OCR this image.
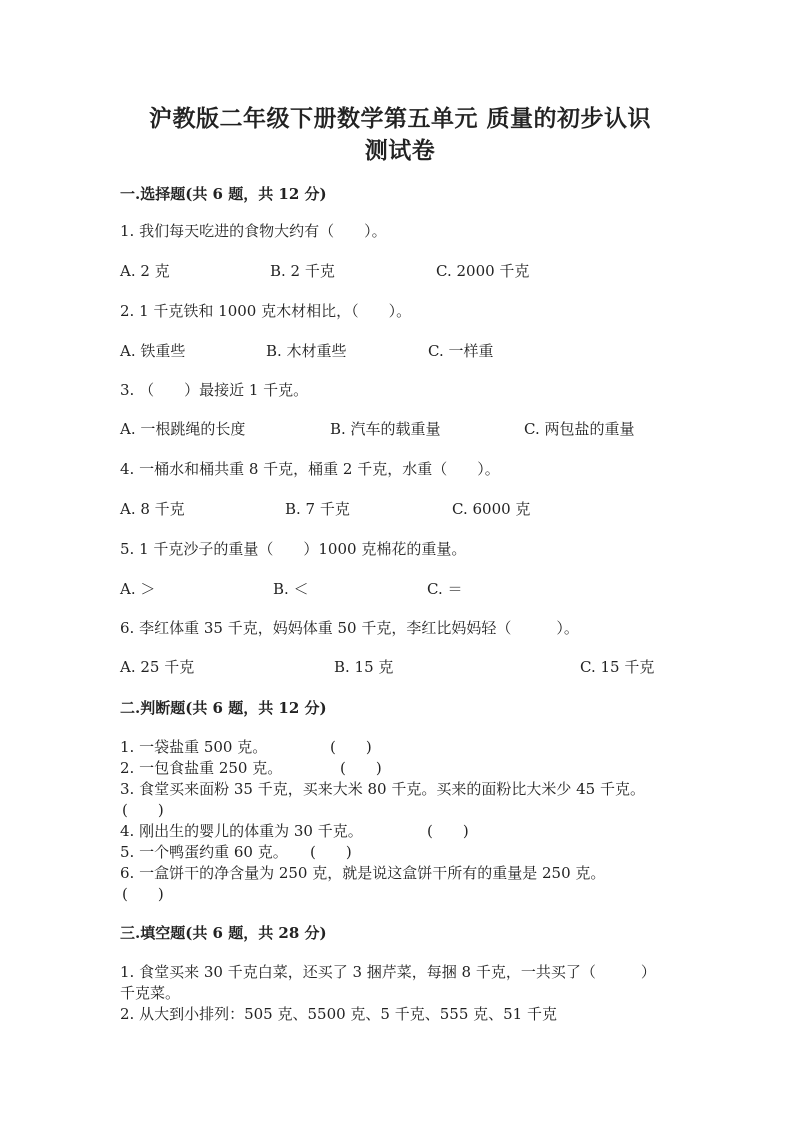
沪教版二年级下册数学第五单元 质量的初步认识
测试卷
一.选择题(共 6 题，共 12 分)
1. 我们每天吃进的食物大约有（　　）。
A. 2 克	B. 2 千克	C. 2000 千克
2. 1 千克铁和 1000 克木材相比，（　　）。
A. 铁重些	B. 木材重些	C. 一样重
3. （　　）最接近 1 千克。
A. 一根跳绳的长度	B. 汽车的载重量	C. 两包盐的重量
4. 一桶水和桶共重 8 千克，桶重 2 千克，水重（　　）。
A. 8 千克	B. 7 千克	C. 6000 克
5. 1 千克沙子的重量（　　）1000 克棉花的重量。
A. ＞	B. ＜	C. ＝
6. 李红体重 35 千克，妈妈体重 50 千克，李红比妈妈轻（　　　）。
A. 25 千克	B. 15 克	C. 15 千克
二.判断题(共 6 题，共 12 分)
1. 一袋盐重 500 克。	(　　)
2. 一包食盐重 250 克。	(　　)
3. 食堂买来面粉 35 千克，买来大米 80 千克。买来的面粉比大米少 45 千克。
(　　)
4. 刚出生的婴儿的体重为 30 千克。	(　　)
5. 一个鸭蛋约重 60 克。 (　　)
6. 一盒饼干的净含量为 250 克，就是说这盒饼干所有的重量是 250 克。
(　　)
三.填空题(共 6 题，共 28 分)
1. 食堂买来 30 千克白菜，还买了 3 捆芹菜，每捆 8 千克，一共买了（　　　）
千克菜。
2. 从大到小排列：505 克、5500 克、5 千克、555 克、51 千克
